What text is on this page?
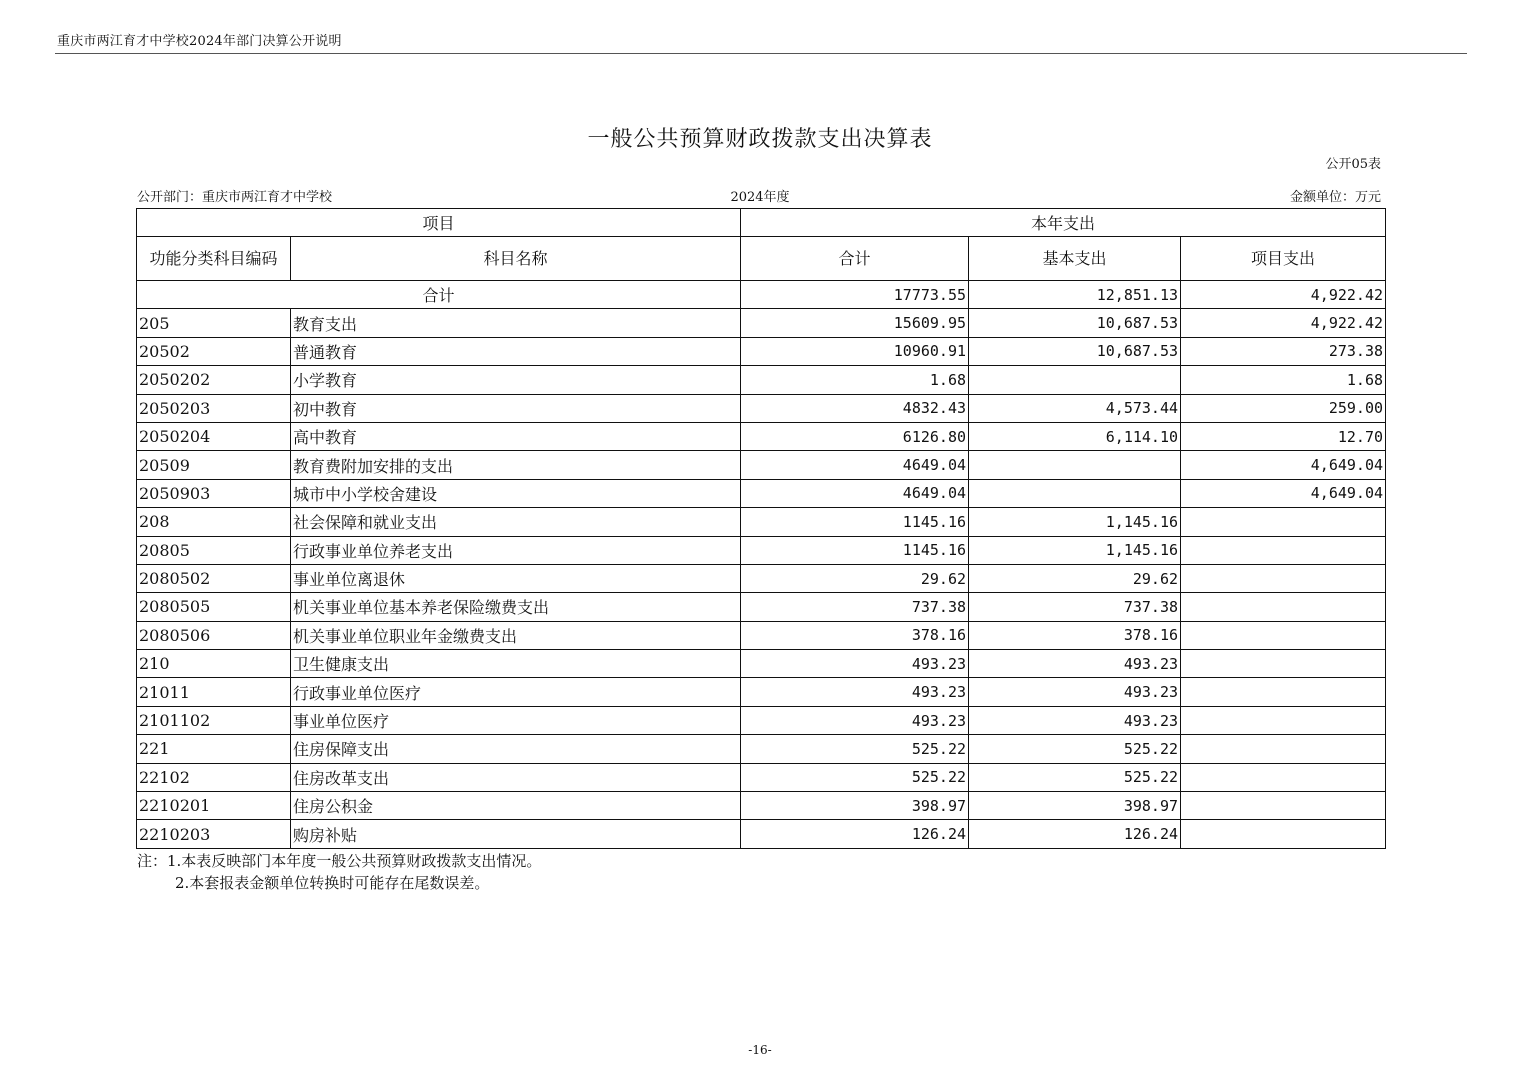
重庆市两江育才中学校2024年部门决算公开说明
一般公共预算财政拨款支出决算表
公开05表
公开部门：重庆市两江育才中学校	2024年度	金额单位：万元
项目		本年支出		
功能分类科目编码	科目名称	合计	基本支出	项目支出
合计		17773.55	12,851.13	4,922.42
205	教育支出	15609.95	10,687.53	4,922.42
20502	普通教育	10960.91	10,687.53	273.38
2050202	小学教育	1.68		1.68
2050203	初中教育	4832.43	4,573.44	259.00
2050204	高中教育	6126.80	6,114.10	12.70
20509	教育费附加安排的支出	4649.04		4,649.04
2050903	城市中小学校舍建设	4649.04		4,649.04
208	社会保障和就业支出	1145.16	1,145.16	
20805	行政事业单位养老支出	1145.16	1,145.16	
2080502	事业单位离退休	29.62	29.62	
2080505	机关事业单位基本养老保险缴费支出	737.38	737.38	
2080506	机关事业单位职业年金缴费支出	378.16	378.16	
210	卫生健康支出	493.23	493.23	
21011	行政事业单位医疗	493.23	493.23	
2101102	事业单位医疗	493.23	493.23	
221	住房保障支出	525.22	525.22	
22102	住房改革支出	525.22	525.22	
2210201	住房公积金	398.97	398.97	
2210203	购房补贴	126.24	126.24	
注：1.本表反映部门本年度一般公共预算财政拨款支出情况。
2.本套报表金额单位转换时可能存在尾数误差。
-16-
